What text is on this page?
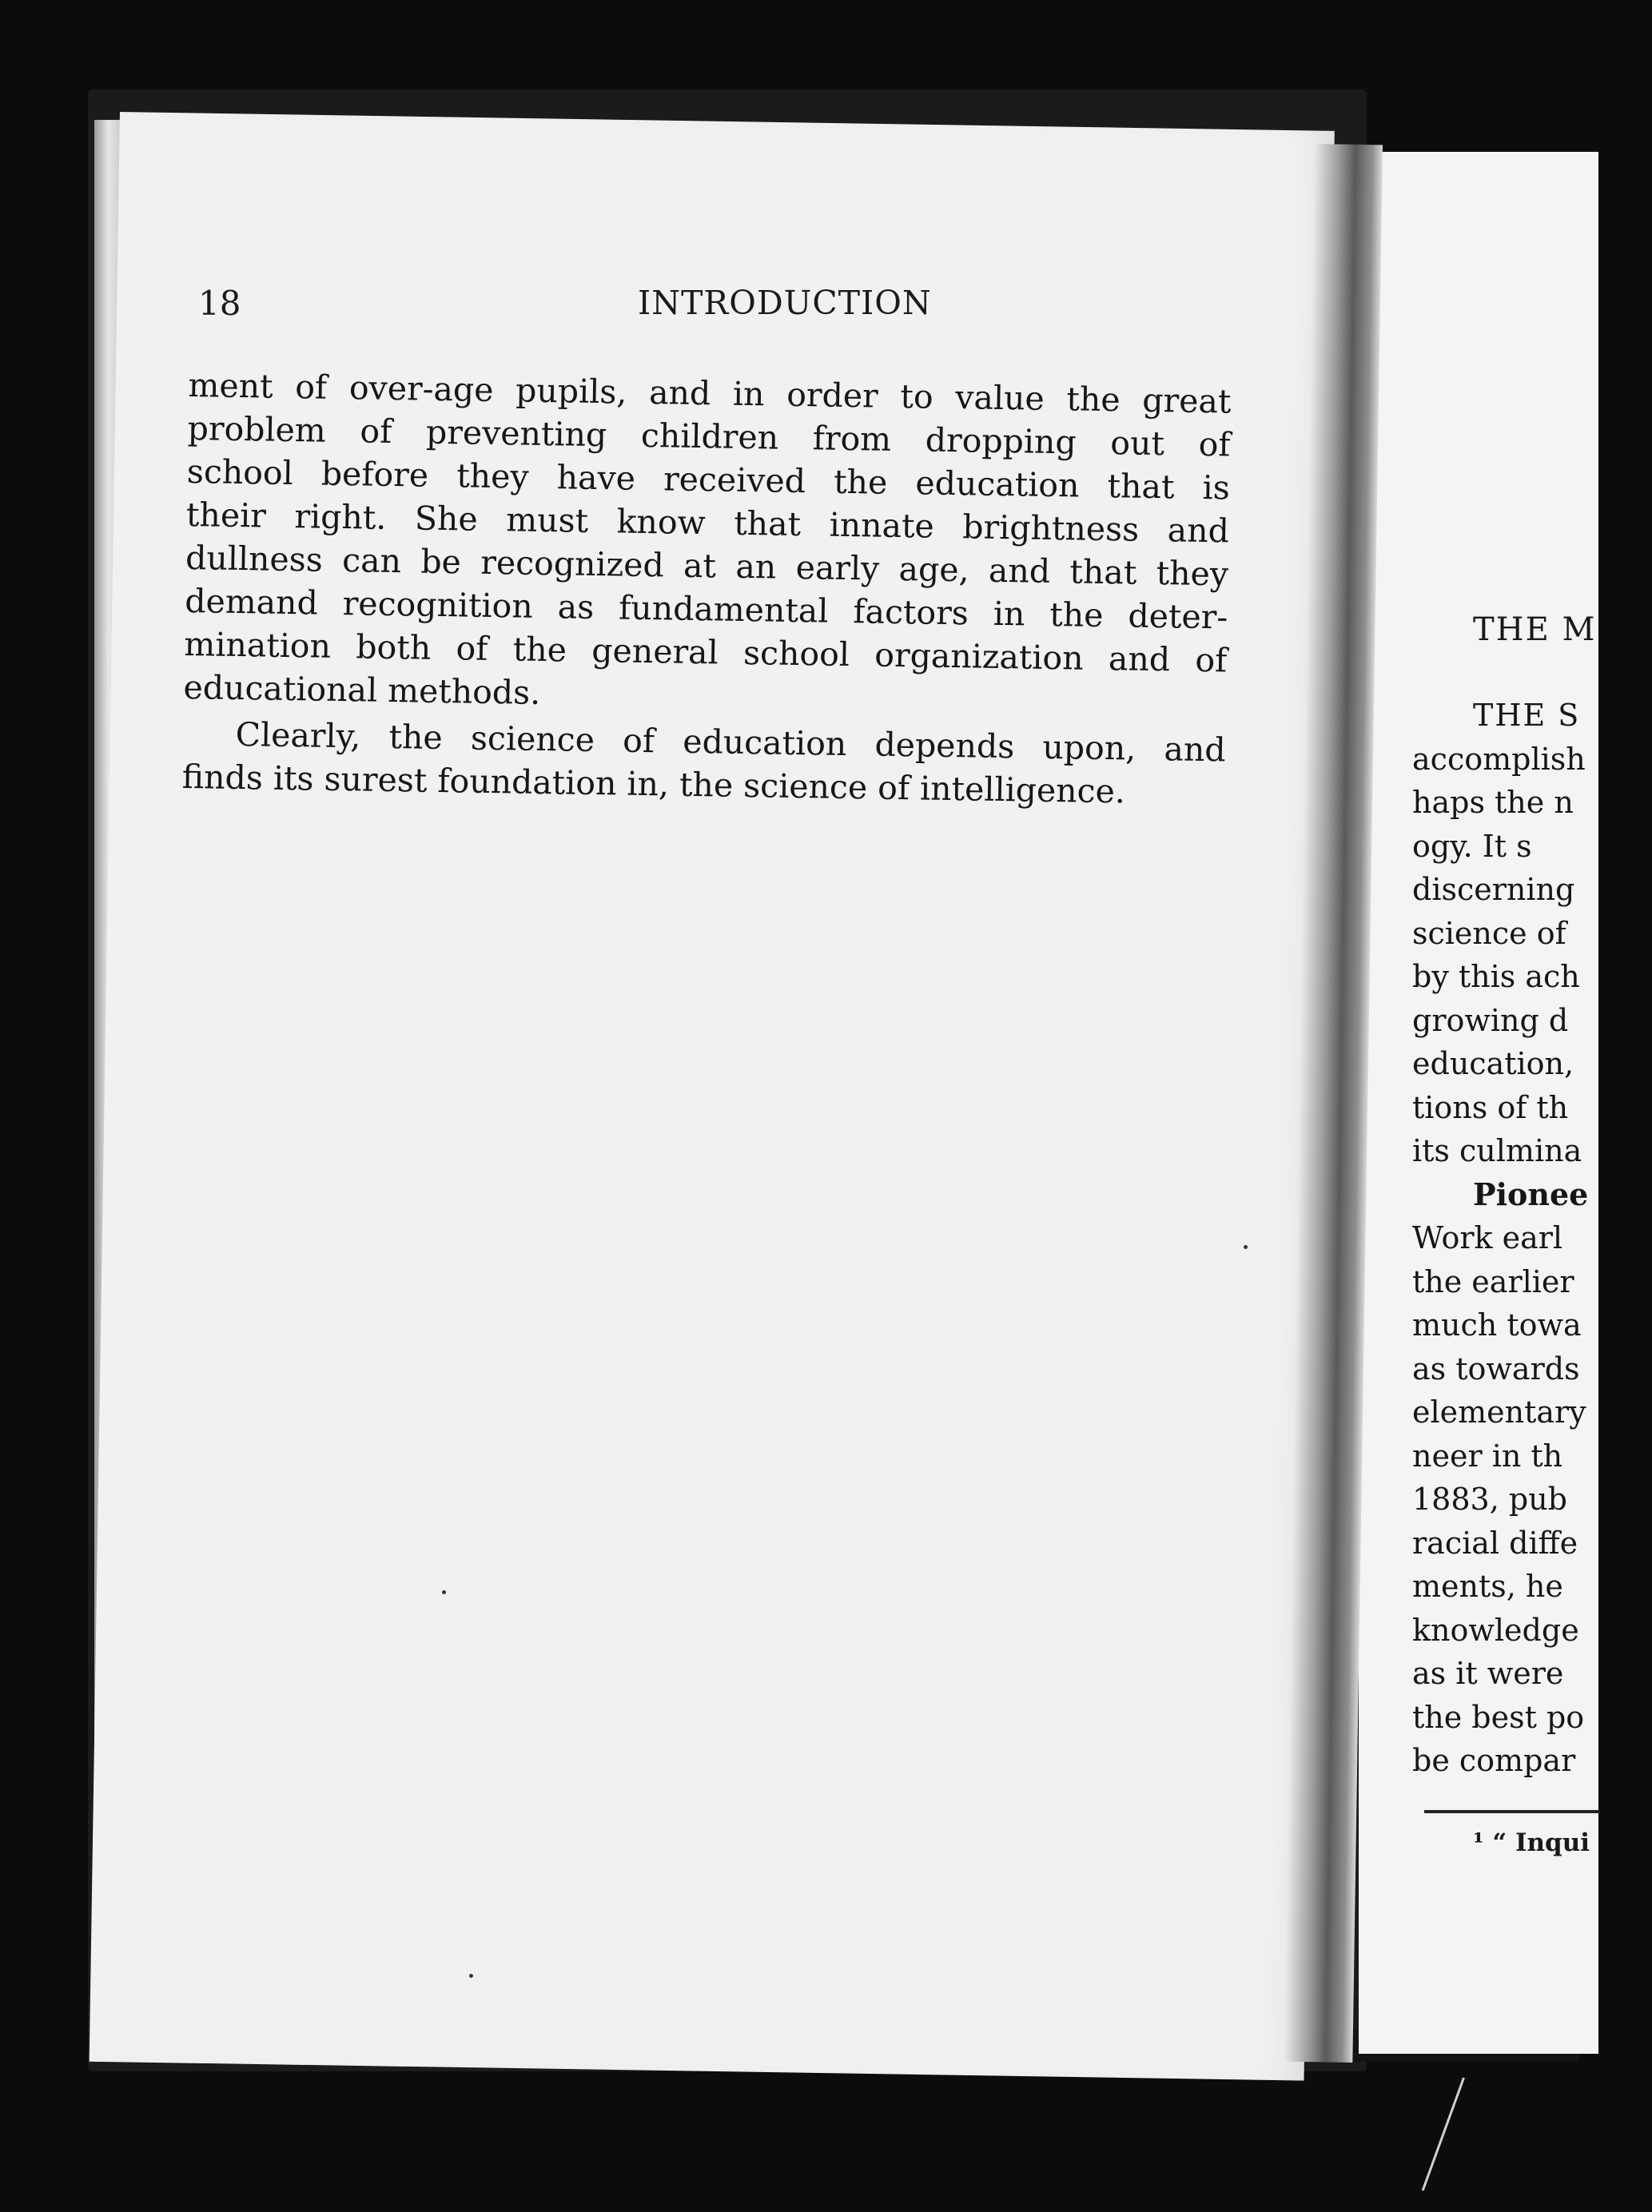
18	INTRODUCTION

ment of over-age pupils, and in order to value the great
problem of preventing children from dropping out of
school before they have received the education that is
their right. She must know that innate brightness and
dullness can be recognized at an early age, and that they
demand recognition as fundamental factors in the deter-
mination both of the general school organization and of
educational methods.

Clearly, the science of education depends upon, and
finds its surest foundation in, the science of intelligence.

THE M
THE S
accomplish
haps the n
ogy. It s
discerning
science of
by this ach
growing d
education,
tions of th
its culmina
Pionee
Work earl
the earlier
much towa
as towards
elementary
neer in th
1883, pub
racial diffe
ments, he
knowledge
as it were
the best po
be compar
¹ “ Inqui
